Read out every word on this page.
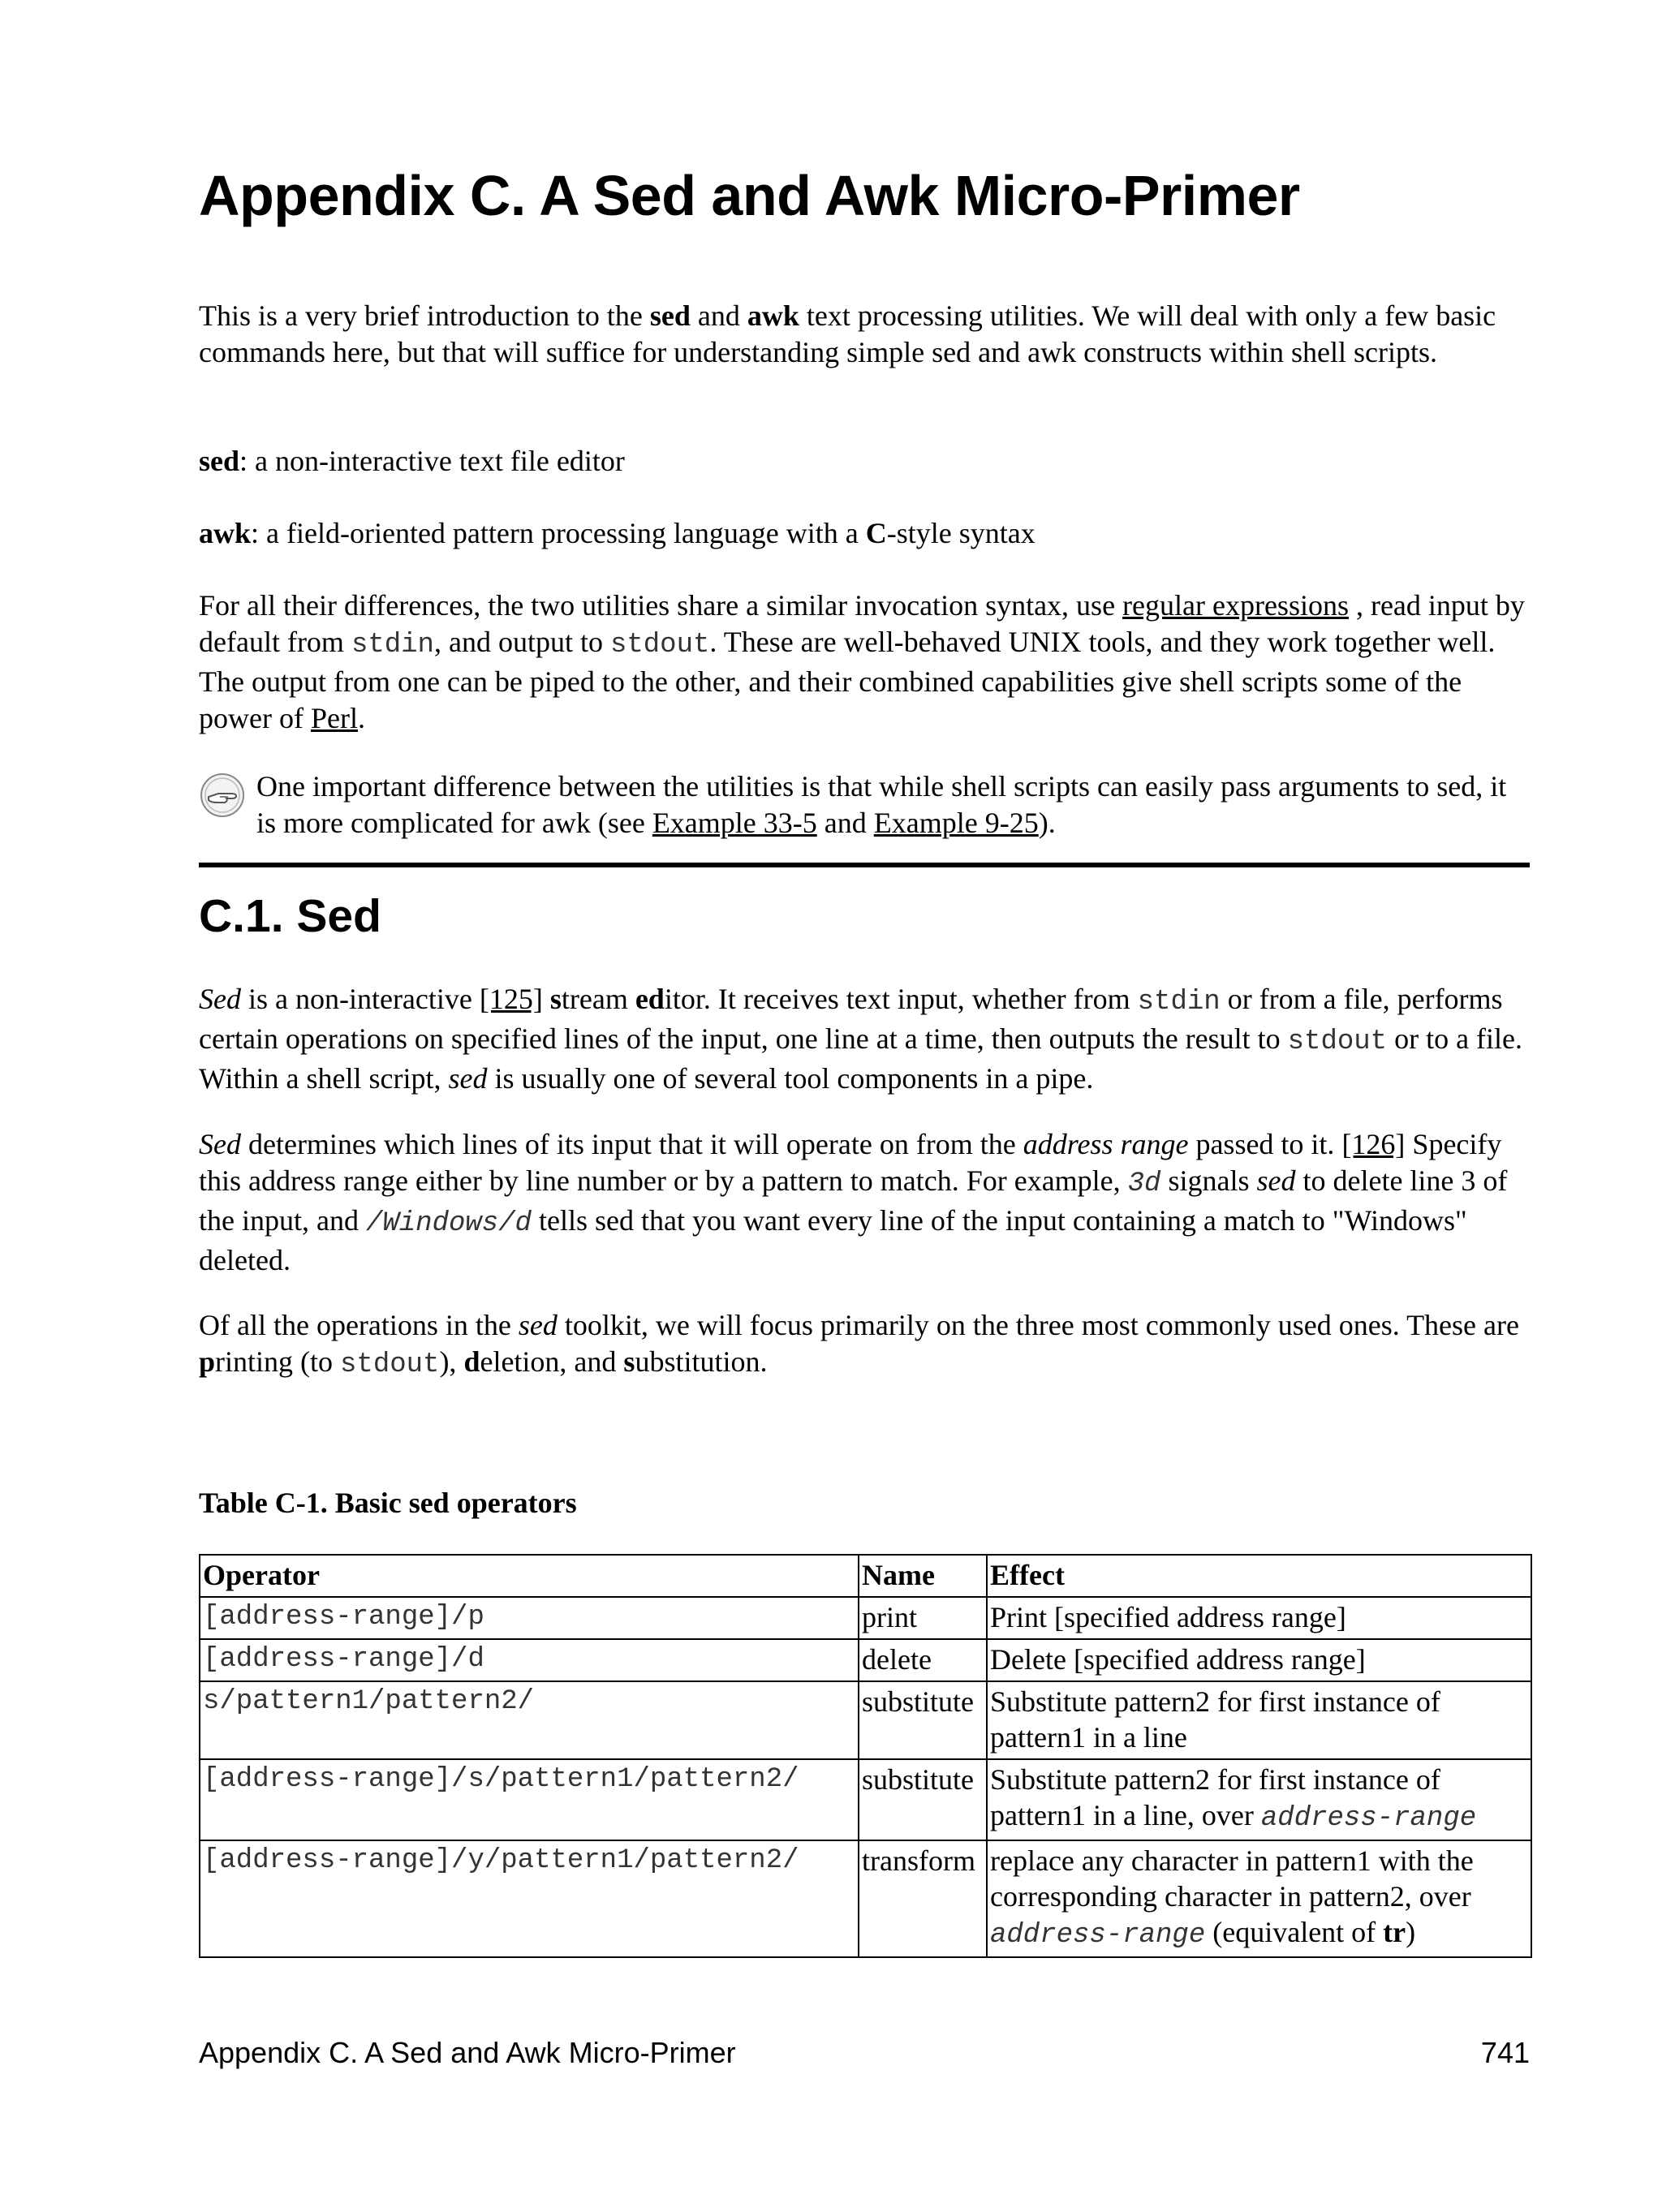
Appendix C. A Sed and Awk Micro-Primer

This is a very brief introduction to the sed and awk text processing utilities. We will deal with only a few basic commands here, but that will suffice for understanding simple sed and awk constructs within shell scripts.

sed: a non-interactive text file editor

awk: a field-oriented pattern processing language with a C-style syntax

For all their differences, the two utilities share a similar invocation syntax, use regular expressions , read input by default from stdin, and output to stdout. These are well-behaved UNIX tools, and they work together well. The output from one can be piped to the other, and their combined capabilities give shell scripts some of the power of Perl.

One important difference between the utilities is that while shell scripts can easily pass arguments to sed, it is more complicated for awk (see Example 33-5 and Example 9-25).
C.1. Sed

Sed is a non-interactive [125] stream editor. It receives text input, whether from stdin or from a file, performs certain operations on specified lines of the input, one line at a time, then outputs the result to stdout or to a file. Within a shell script, sed is usually one of several tool components in a pipe.

Sed determines which lines of its input that it will operate on from the address range passed to it. [126] Specify this address range either by line number or by a pattern to match. For example, 3d signals sed to delete line 3 of the input, and /Windows/d tells sed that you want every line of the input containing a match to "Windows" deleted.

Of all the operations in the sed toolkit, we will focus primarily on the three most commonly used ones. These are printing (to stdout), deletion, and substitution.

Table C-1. Basic sed operators
Operator	Name	Effect
[address-range]/p	print	Print [specified address range]
[address-range]/d	delete	Delete [specified address range]
s/pattern1/pattern2/	substitute	Substitute pattern2 for first instance of pattern1 in a line
[address-range]/s/pattern1/pattern2/	substitute	Substitute pattern2 for first instance of pattern1 in a line, over address-range
[address-range]/y/pattern1/pattern2/	transform	replace any character in pattern1 with the corresponding character in pattern2, over address-range (equivalent of tr)
Appendix C. A Sed and Awk Micro-Primer	741
